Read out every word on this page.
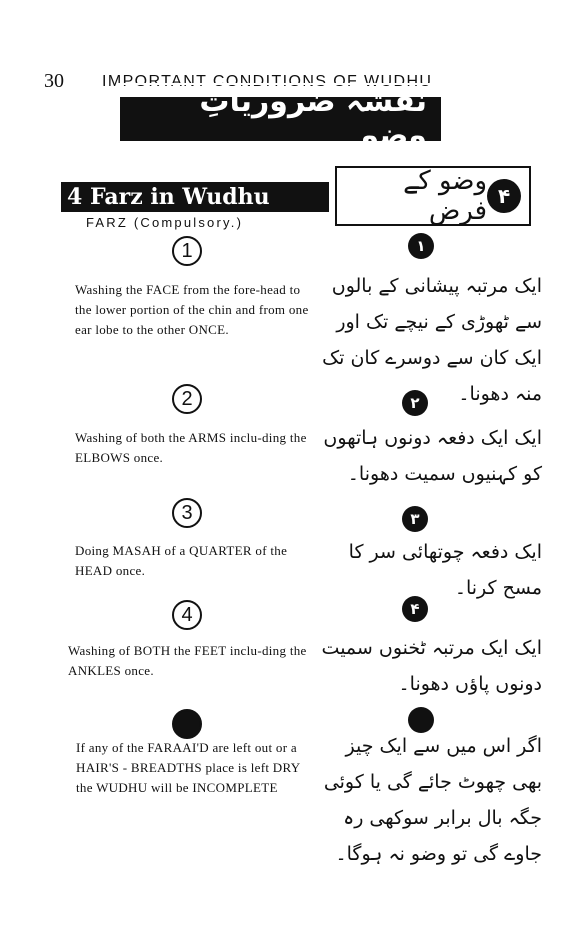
30 IMPORTANT CONDITIONS OF WUDHU
نقشہ ضروریاتِ وضو
4 Farz in Wudhu	۴
وضو کے فرض
FARZ (Compulsory.)
1	۱
Washing the FACE from the fore-head to the lower portion of the chin and from one ear lobe to the other ONCE.
ایک مرتبہ پیشانی کے بالوں سے ٹھوڑی کے نیچے تک اور ایک کان سے دوسرے کان تک منہ دھونا۔
2	۲
Washing of both the ARMS inclu-ding the ELBOWS once.
ایک ایک دفعہ دونوں ہاتھوں کو کہنیوں سمیت دھونا۔
3	۳
Doing MASAH of a QUARTER of the HEAD once.
ایک دفعہ چوتھائی سر کا مسح کرنا۔
4	۴
Washing of BOTH the FEET inclu-ding the ANKLES once.
ایک ایک مرتبہ ٹخنوں سمیت دونوں پاؤں دھونا۔
If any of the FARAAI'D are left out or a HAIR'S - BREADTHS place is left DRY the WUDHU will be INCOMPLETE
اگر اس میں سے ایک چیز بھی چھوٹ جائے گی یا کوئی جگہ بال برابر سوکھی رہ جاوے گی تو وضو نہ ہوگا۔
